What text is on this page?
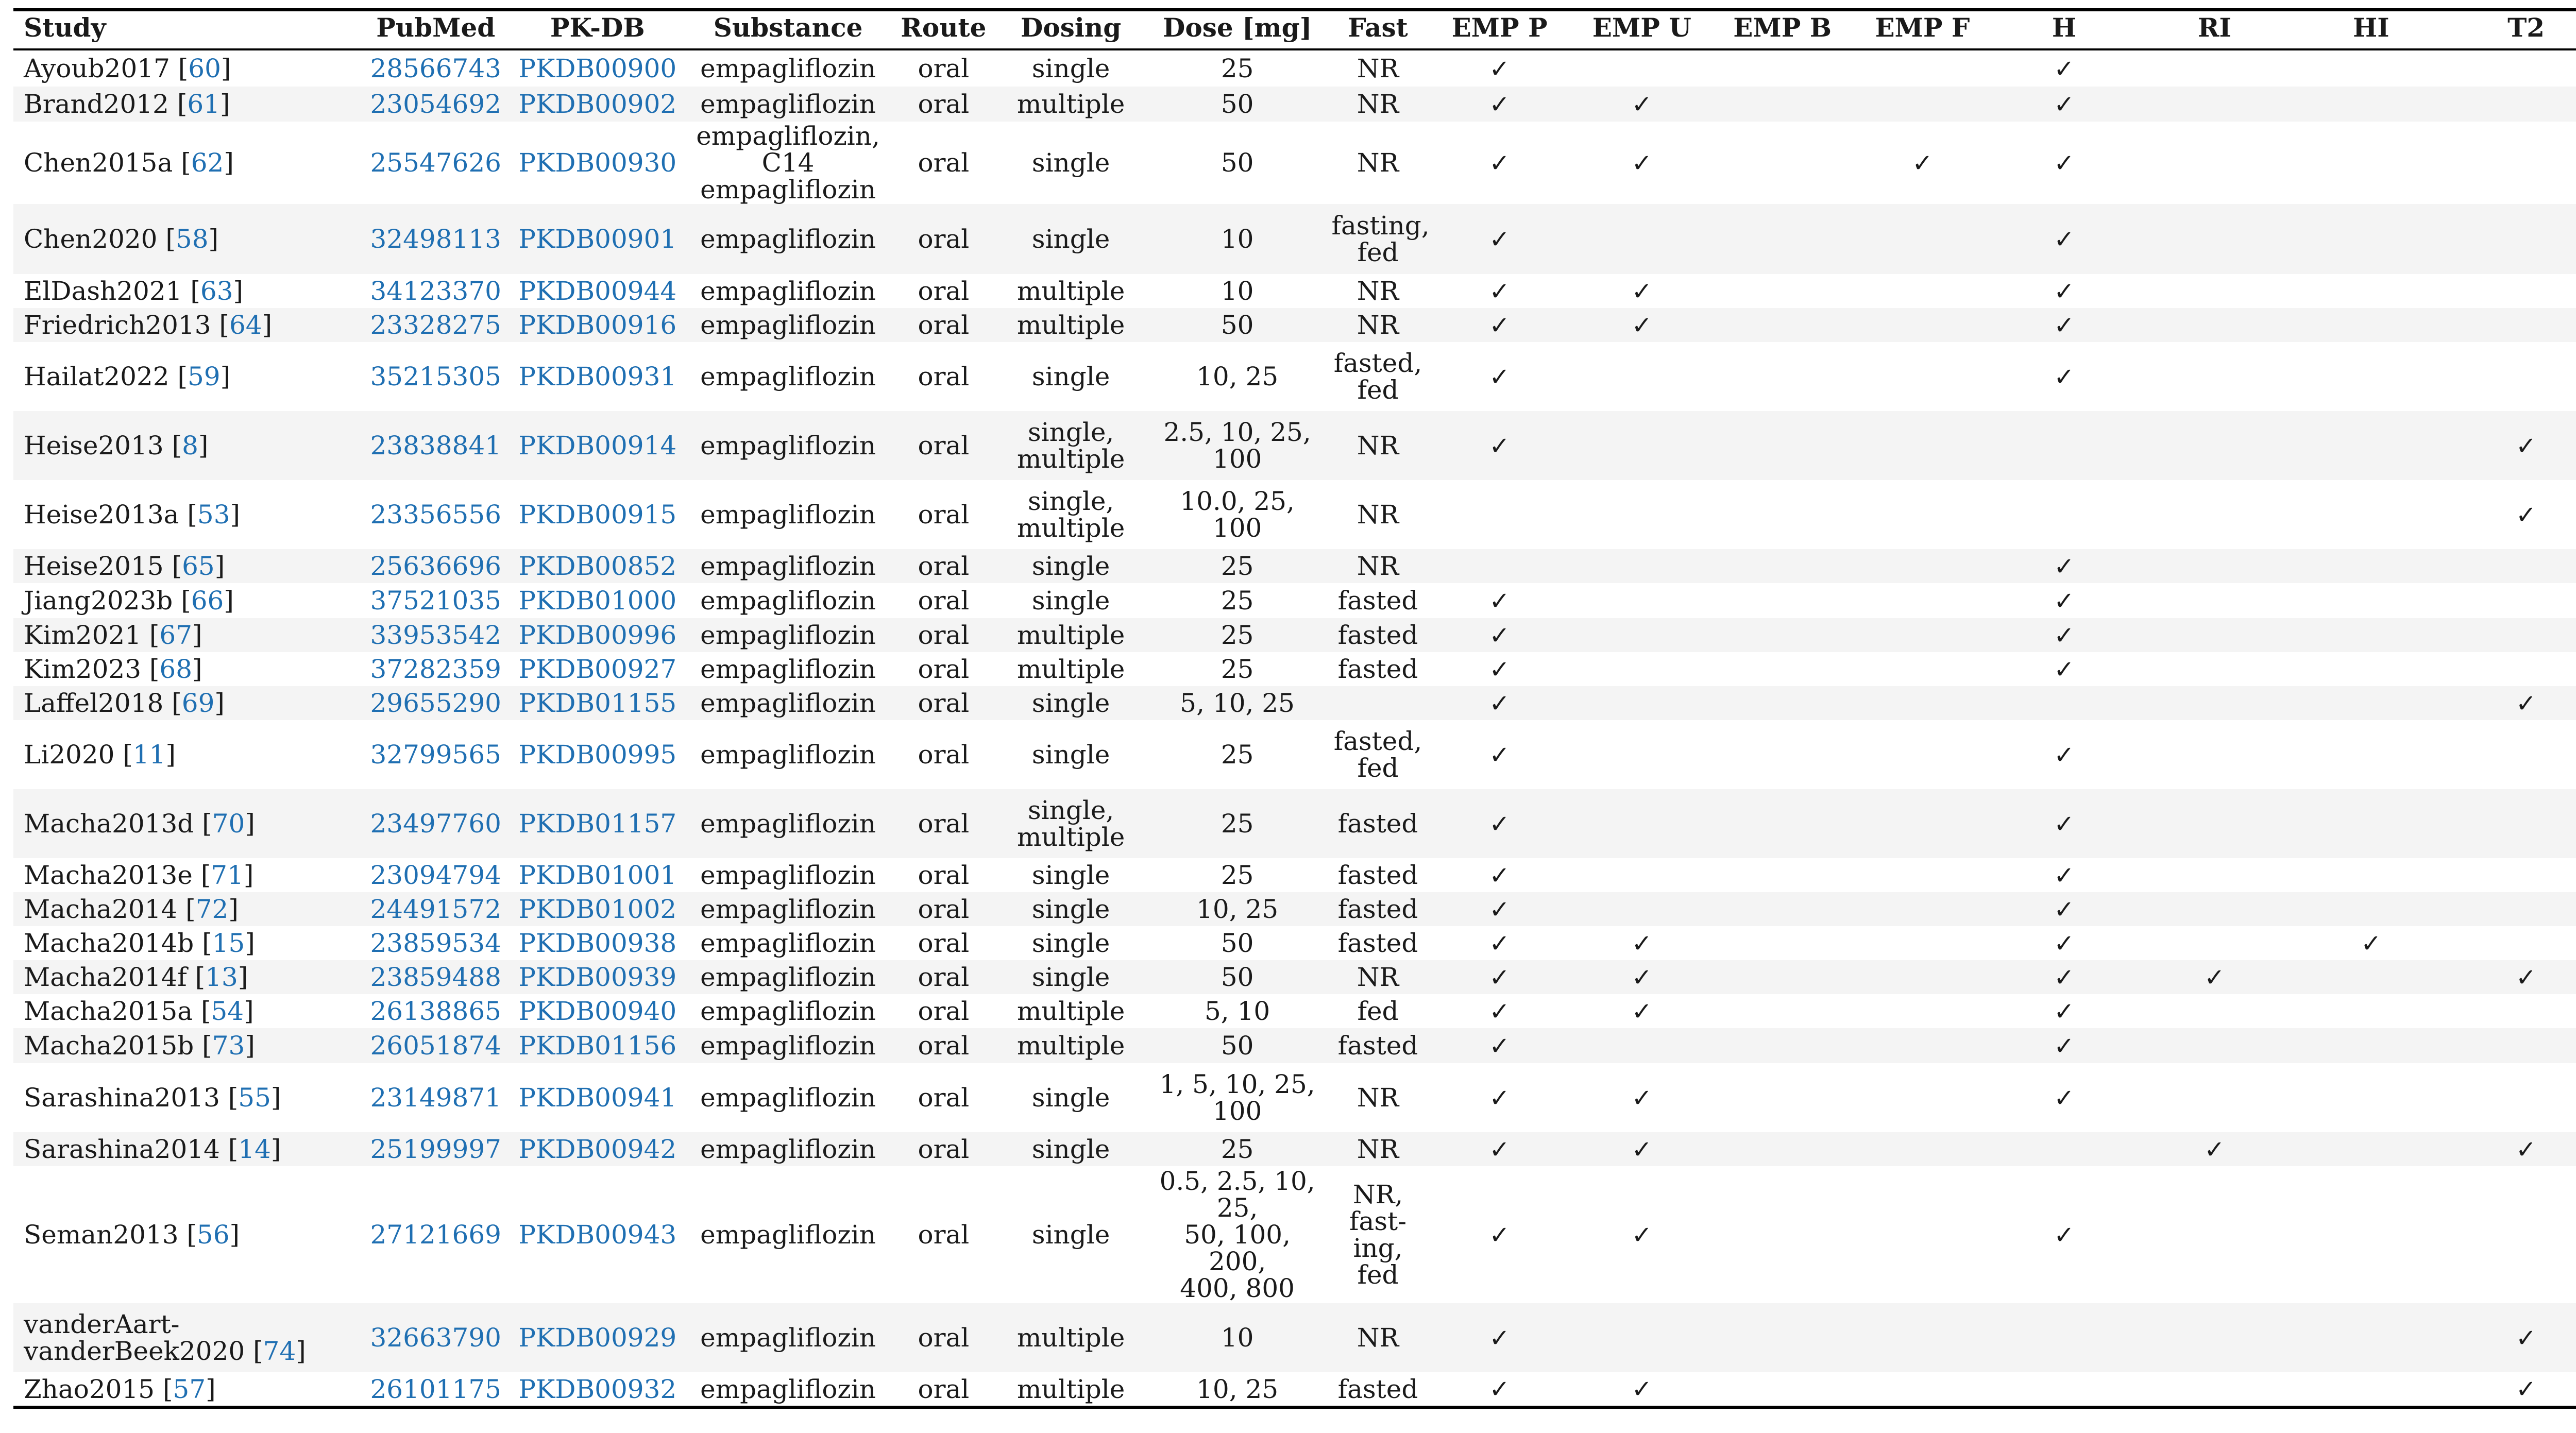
Study	PubMed	PK-DB	Substance	Route	Dosing	Dose [mg]	Fast	EMP P	EMP U	EMP B	EMP F	H	RI	HI	T2			
Ayoub2017 [60]	28566743	PKDB00900	empagliflozin	oral	single	25	NR	✓				✓						
Brand2012 [61]	23054692	PKDB00902	empagliflozin	oral	multiple	50	NR	✓	✓			✓						
Chen2015a [62]	25547626	PKDB00930	empagliflozin,
C14 empagliflozin	oral	single	50	NR	✓	✓		✓	✓						
Chen2020 [58]	32498113	PKDB00901	empagliflozin	oral	single	10	fasting,
fed	✓				✓						
ElDash2021 [63]	34123370	PKDB00944	empagliflozin	oral	multiple	10	NR	✓	✓			✓						
Friedrich2013 [64]	23328275	PKDB00916	empagliflozin	oral	multiple	50	NR	✓	✓			✓						
Hailat2022 [59]	35215305	PKDB00931	empagliflozin	oral	single	10, 25	fasted,
fed	✓				✓						
Heise2013 [8]	23838841	PKDB00914	empagliflozin	oral	single,
multiple	2.5, 10, 25, 100	NR	✓							✓			
Heise2013a [53]	23356556	PKDB00915	empagliflozin	oral	single,
multiple	10.0, 25, 100	NR								✓			
Heise2015 [65]	25636696	PKDB00852	empagliflozin	oral	single	25	NR					✓						
Jiang2023b [66]	37521035	PKDB01000	empagliflozin	oral	single	25	fasted	✓				✓						
Kim2021 [67]	33953542	PKDB00996	empagliflozin	oral	multiple	25	fasted	✓				✓						
Kim2023 [68]	37282359	PKDB00927	empagliflozin	oral	multiple	25	fasted	✓				✓						
Laffel2018 [69]	29655290	PKDB01155	empagliflozin	oral	single	5, 10, 25		✓							✓			
Li2020 [11]	32799565	PKDB00995	empagliflozin	oral	single	25	fasted,
fed	✓				✓						
Macha2013d [70]	23497760	PKDB01157	empagliflozin	oral	single,
multiple	25	fasted	✓				✓						
Macha2013e [71]	23094794	PKDB01001	empagliflozin	oral	single	25	fasted	✓				✓						
Macha2014 [72]	24491572	PKDB01002	empagliflozin	oral	single	10, 25	fasted	✓				✓						
Macha2014b [15]	23859534	PKDB00938	empagliflozin	oral	single	50	fasted	✓	✓			✓		✓				
Macha2014f [13]	23859488	PKDB00939	empagliflozin	oral	single	50	NR	✓	✓			✓	✓		✓			
Macha2015a [54]	26138865	PKDB00940	empagliflozin	oral	multiple	5, 10	fed	✓	✓			✓						
Macha2015b [73]	26051874	PKDB01156	empagliflozin	oral	multiple	50	fasted	✓				✓						
Sarashina2013 [55]	23149871	PKDB00941	empagliflozin	oral	single	1, 5, 10, 25,
100	NR	✓	✓			✓						
Sarashina2014 [14]	25199997	PKDB00942	empagliflozin	oral	single	25	NR	✓	✓				✓		✓			
Seman2013 [56]	27121669	PKDB00943	empagliflozin	oral	single	0.5, 2.5, 10, 25,
50, 100, 200,
400, 800	NR,
fast-
ing,
fed	✓	✓			✓						
vanderAart-
vanderBeek2020 [74]	32663790	PKDB00929	empagliflozin	oral	multiple	10	NR	✓							✓			
Zhao2015 [57]	26101175	PKDB00932	empagliflozin	oral	multiple	10, 25	fasted	✓	✓						✓			
